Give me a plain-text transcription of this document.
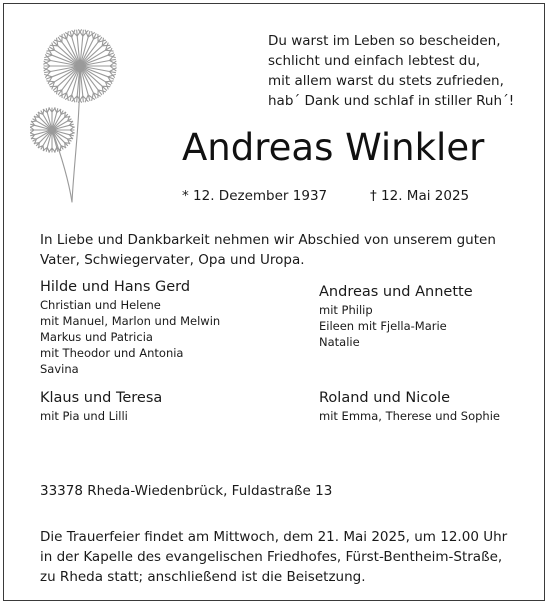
Du warst im Leben so bescheiden,
schlicht und einfach lebtest du,
mit allem warst du stets zufrieden,
hab´ Dank und schlaf in stiller Ruh´!
Andreas Winkler
* 12. Dezember 1937	† 12. Mai 2025
In Liebe und Dankbarkeit nehmen wir Abschied von unserem guten
Vater, Schwiegervater, Opa und Uropa.
Hilde und Hans Gerd
Christian und Helene
mit Manuel, Marlon und Melwin
Markus und Patricia
mit Theodor und Antonia
Savina
Andreas und Annette
mit Philip
Eileen mit Fjella-Marie
Natalie
Klaus und Teresa
mit Pia und Lilli
Roland und Nicole
mit Emma, Therese und Sophie
33378 Rheda-Wiedenbrück, Fuldastraße 13
Die Trauerfeier findet am Mittwoch, dem 21. Mai 2025, um 12.00 Uhr
in der Kapelle des evangelischen Friedhofes, Fürst-Bentheim-Straße,
zu Rheda statt; anschließend ist die Beisetzung.
